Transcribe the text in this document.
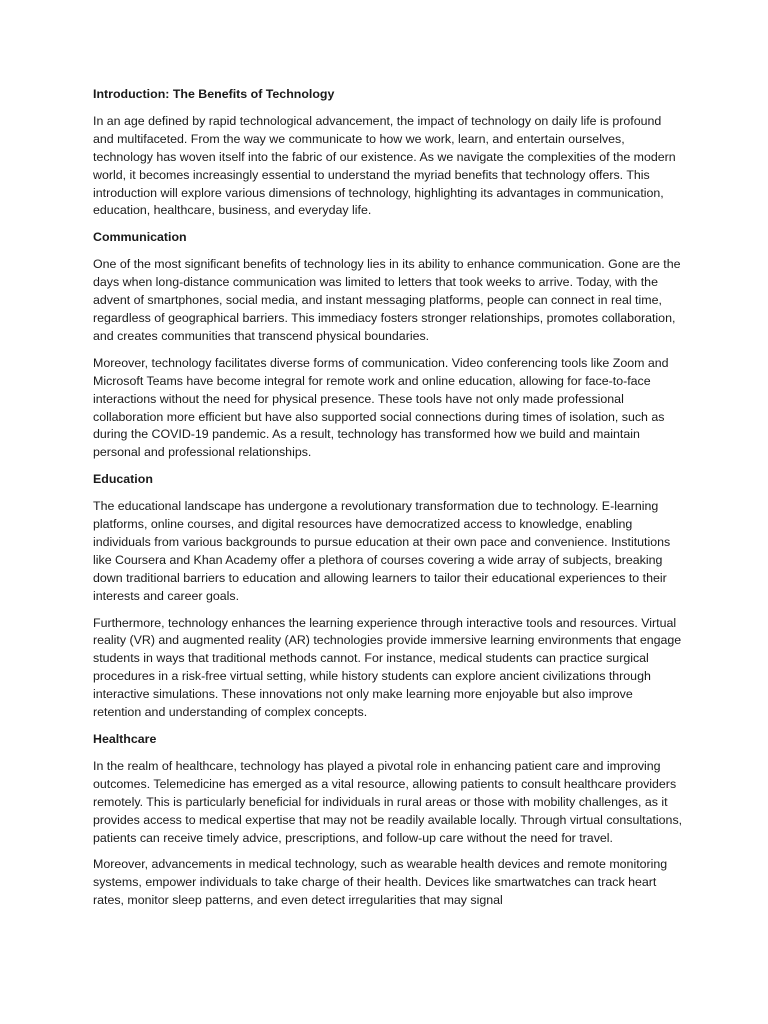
Introduction: The Benefits of Technology

In an age defined by rapid technological advancement, the impact of technology on daily life is profound and multifaceted. From the way we communicate to how we work, learn, and entertain ourselves, technology has woven itself into the fabric of our existence. As we navigate the complexities of the modern world, it becomes increasingly essential to understand the myriad benefits that technology offers. This introduction will explore various dimensions of technology, highlighting its advantages in communication, education, healthcare, business, and everyday life.

Communication

One of the most significant benefits of technology lies in its ability to enhance communication. Gone are the days when long-distance communication was limited to letters that took weeks to arrive. Today, with the advent of smartphones, social media, and instant messaging platforms, people can connect in real time, regardless of geographical barriers. This immediacy fosters stronger relationships, promotes collaboration, and creates communities that transcend physical boundaries.

Moreover, technology facilitates diverse forms of communication. Video conferencing tools like Zoom and Microsoft Teams have become integral for remote work and online education, allowing for face-to-face interactions without the need for physical presence. These tools have not only made professional collaboration more efficient but have also supported social connections during times of isolation, such as during the COVID-19 pandemic. As a result, technology has transformed how we build and maintain personal and professional relationships.

Education

The educational landscape has undergone a revolutionary transformation due to technology. E-learning platforms, online courses, and digital resources have democratized access to knowledge, enabling individuals from various backgrounds to pursue education at their own pace and convenience. Institutions like Coursera and Khan Academy offer a plethora of courses covering a wide array of subjects, breaking down traditional barriers to education and allowing learners to tailor their educational experiences to their interests and career goals.

Furthermore, technology enhances the learning experience through interactive tools and resources. Virtual reality (VR) and augmented reality (AR) technologies provide immersive learning environments that engage students in ways that traditional methods cannot. For instance, medical students can practice surgical procedures in a risk-free virtual setting, while history students can explore ancient civilizations through interactive simulations. These innovations not only make learning more enjoyable but also improve retention and understanding of complex concepts.

Healthcare

In the realm of healthcare, technology has played a pivotal role in enhancing patient care and improving outcomes. Telemedicine has emerged as a vital resource, allowing patients to consult healthcare providers remotely. This is particularly beneficial for individuals in rural areas or those with mobility challenges, as it provides access to medical expertise that may not be readily available locally. Through virtual consultations, patients can receive timely advice, prescriptions, and follow-up care without the need for travel.

Moreover, advancements in medical technology, such as wearable health devices and remote monitoring systems, empower individuals to take charge of their health. Devices like smartwatches can track heart rates, monitor sleep patterns, and even detect irregularities that may signal
